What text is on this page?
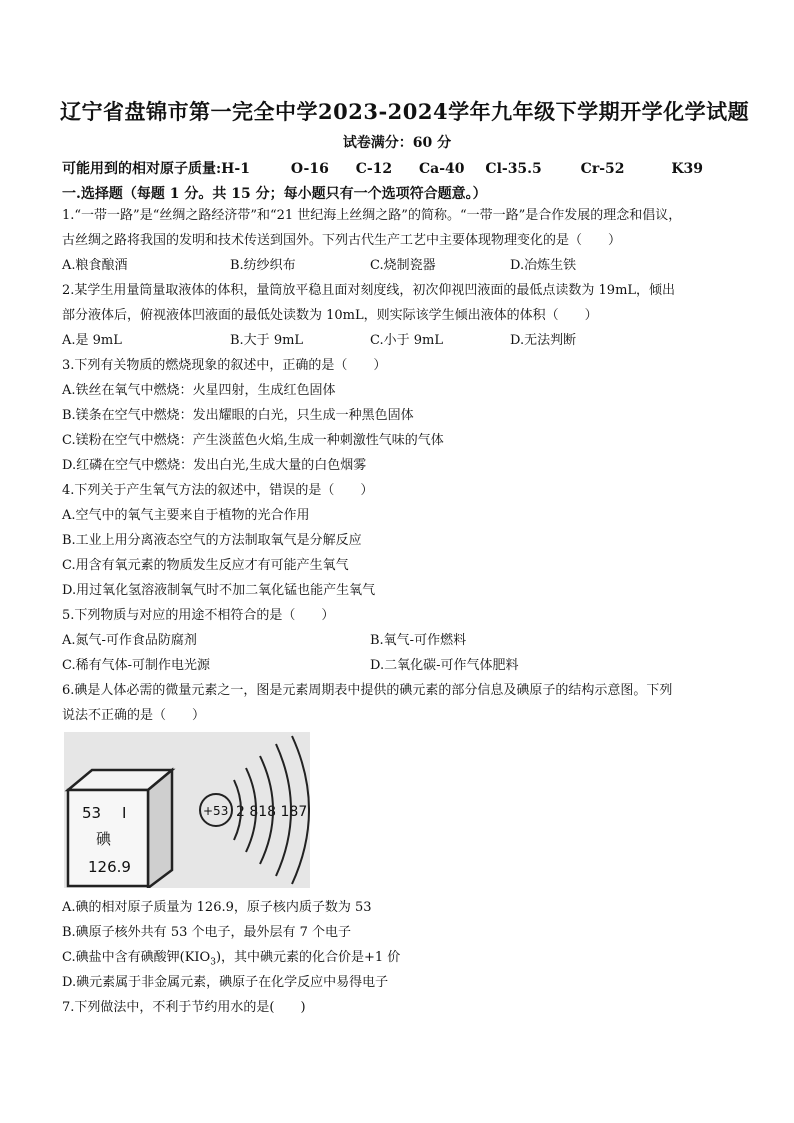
辽宁省盘锦市第一完全中学2023-2024学年九年级下学期开学化学试题
试卷满分：60 分
可能用到的相对原子质量:H-1	O-16 C-12 Ca-40 Cl-35.5	Cr-52	K39
一.选择题（每题 1 分。共 15 分；每小题只有一个选项符合题意。）
1.“一带一路”是“丝绸之路经济带”和“21 世纪海上丝绸之路”的简称。“一带一路”是合作发展的理念和倡议，
古丝绸之路将我国的发明和技术传送到国外。下列古代生产工艺中主要体现物理变化的是（　　）
A.粮食酿酒	B.纺纱织布	C.烧制瓷器	D.冶炼生铁
2.某学生用量筒量取液体的体积，量筒放平稳且面对刻度线，初次仰视凹液面的最低点读数为 19mL，倾出
部分液体后，俯视液体凹液面的最低处读数为 10mL，则实际该学生倾出液体的体积（　　）
A.是 9mL	B.大于 9mL	C.小于 9mL	D.无法判断
3.下列有关物质的燃烧现象的叙述中，正确的是（　　）
A.铁丝在氧气中燃烧：火星四射，生成红色固体
B.镁条在空气中燃烧：发出耀眼的白光，只生成一种黑色固体
C.镁粉在空气中燃烧：产生淡蓝色火焰,生成一种刺激性气味的气体
D.红磷在空气中燃烧：发出白光,生成大量的白色烟雾
4.下列关于产生氧气方法的叙述中，错误的是（　　）
A.空气中的氧气主要来自于植物的光合作用
B.工业上用分离液态空气的方法制取氧气是分解反应
C.用含有氧元素的物质发生反应才有可能产生氧气
D.用过氧化氢溶液制氧气时不加二氧化锰也能产生氧气
5.下列物质与对应的用途不相符合的是（　　）
A.氮气-可作食品防腐剂	B.氧气-可作燃料
C.稀有气体-可制作电光源	D.二氧化碳-可作气体肥料
6.碘是人体必需的微量元素之一，图是元素周期表中提供的碘元素的部分信息及碘原子的结构示意图。下列
说法不正确的是（　　）
53 I
碘
126.9
+53 2 818 187
A.碘的相对原子质量为 126.9，原子核内质子数为 53
B.碘原子核外共有 53 个电子，最外层有 7 个电子
C.碘盐中含有碘酸钾$(KIO_3)$，其中碘元素的化合价是+1 价
D.碘元素属于非金属元素，碘原子在化学反应中易得电子
7.下列做法中，不利于节约用水的是(　　)
